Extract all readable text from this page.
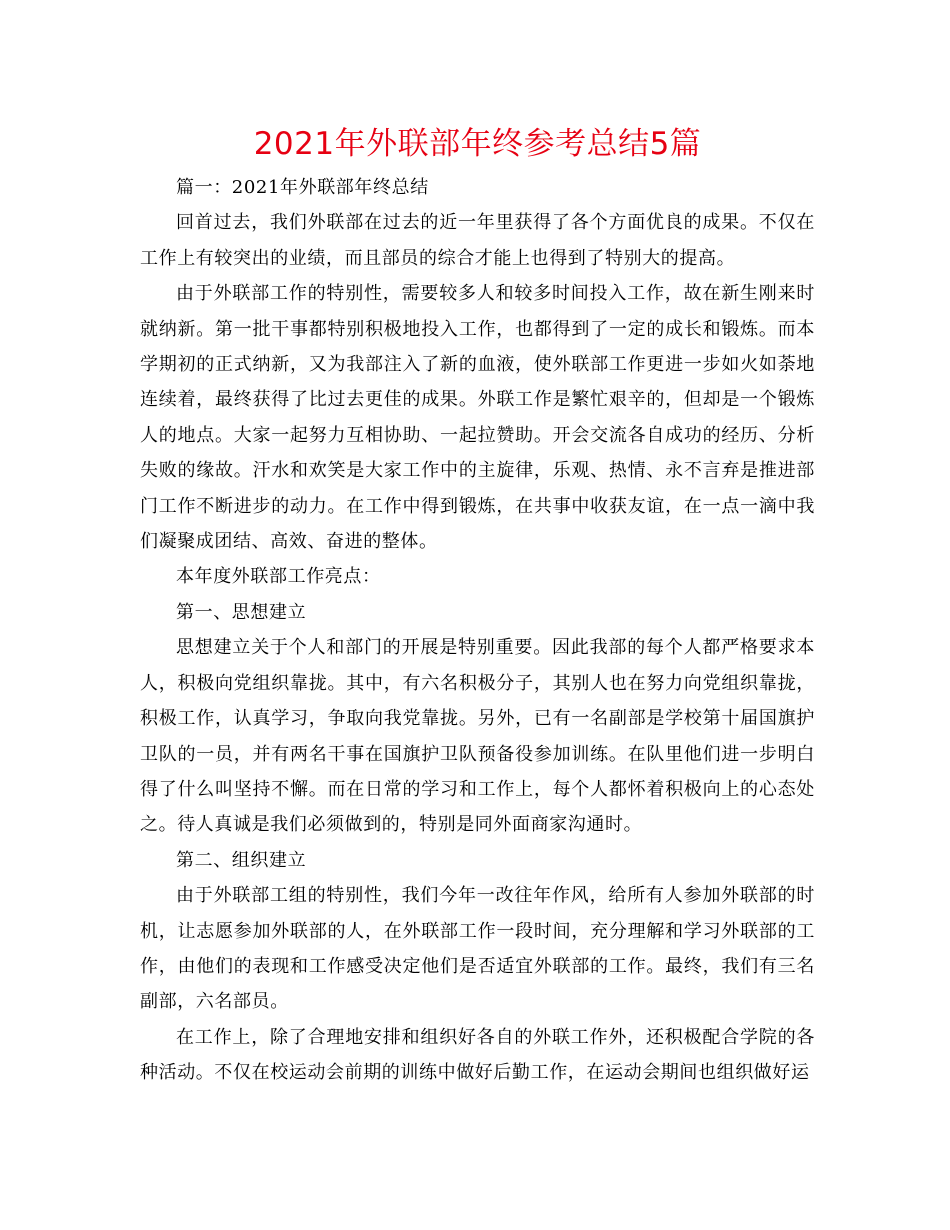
2021年外联部年终参考总结5篇

篇一：2021年外联部年终总结

回首过去，我们外联部在过去的近一年里获得了各个方面优良的成果。不仅在工作上有较突出的业绩，而且部员的综合才能上也得到了特别大的提高。

由于外联部工作的特别性，需要较多人和较多时间投入工作，故在新生刚来时就纳新。第一批干事都特别积极地投入工作，也都得到了一定的成长和锻炼。而本学期初的正式纳新，又为我部注入了新的血液，使外联部工作更进一步如火如荼地连续着，最终获得了比过去更佳的成果。外联工作是繁忙艰辛的，但却是一个锻炼人的地点。大家一起努力互相协助、一起拉赞助。开会交流各自成功的经历、分析失败的缘故。汗水和欢笑是大家工作中的主旋律，乐观、热情、永不言弃是推进部门工作不断进步的动力。在工作中得到锻炼，在共事中收获友谊，在一点一滴中我们凝聚成团结、高效、奋进的整体。

本年度外联部工作亮点：

第一、思想建立

思想建立关于个人和部门的开展是特别重要。因此我部的每个人都严格要求本人，积极向党组织靠拢。其中，有六名积极分子，其别人也在努力向党组织靠拢，积极工作，认真学习，争取向我党靠拢。另外，已有一名副部是学校第十届国旗护卫队的一员，并有两名干事在国旗护卫队预备役参加训练。在队里他们进一步明白得了什么叫坚持不懈。而在日常的学习和工作上，每个人都怀着积极向上的心态处之。待人真诚是我们必须做到的，特别是同外面商家沟通时。

第二、组织建立

由于外联部工组的特别性，我们今年一改往年作风，给所有人参加外联部的时机，让志愿参加外联部的人，在外联部工作一段时间，充分理解和学习外联部的工作，由他们的表现和工作感受决定他们是否适宜外联部的工作。最终，我们有三名副部，六名部员。

在工作上，除了合理地安排和组织好各自的外联工作外，还积极配合学院的各种活动。不仅在校运动会前期的训练中做好后勤工作，在运动会期间也组织做好运
